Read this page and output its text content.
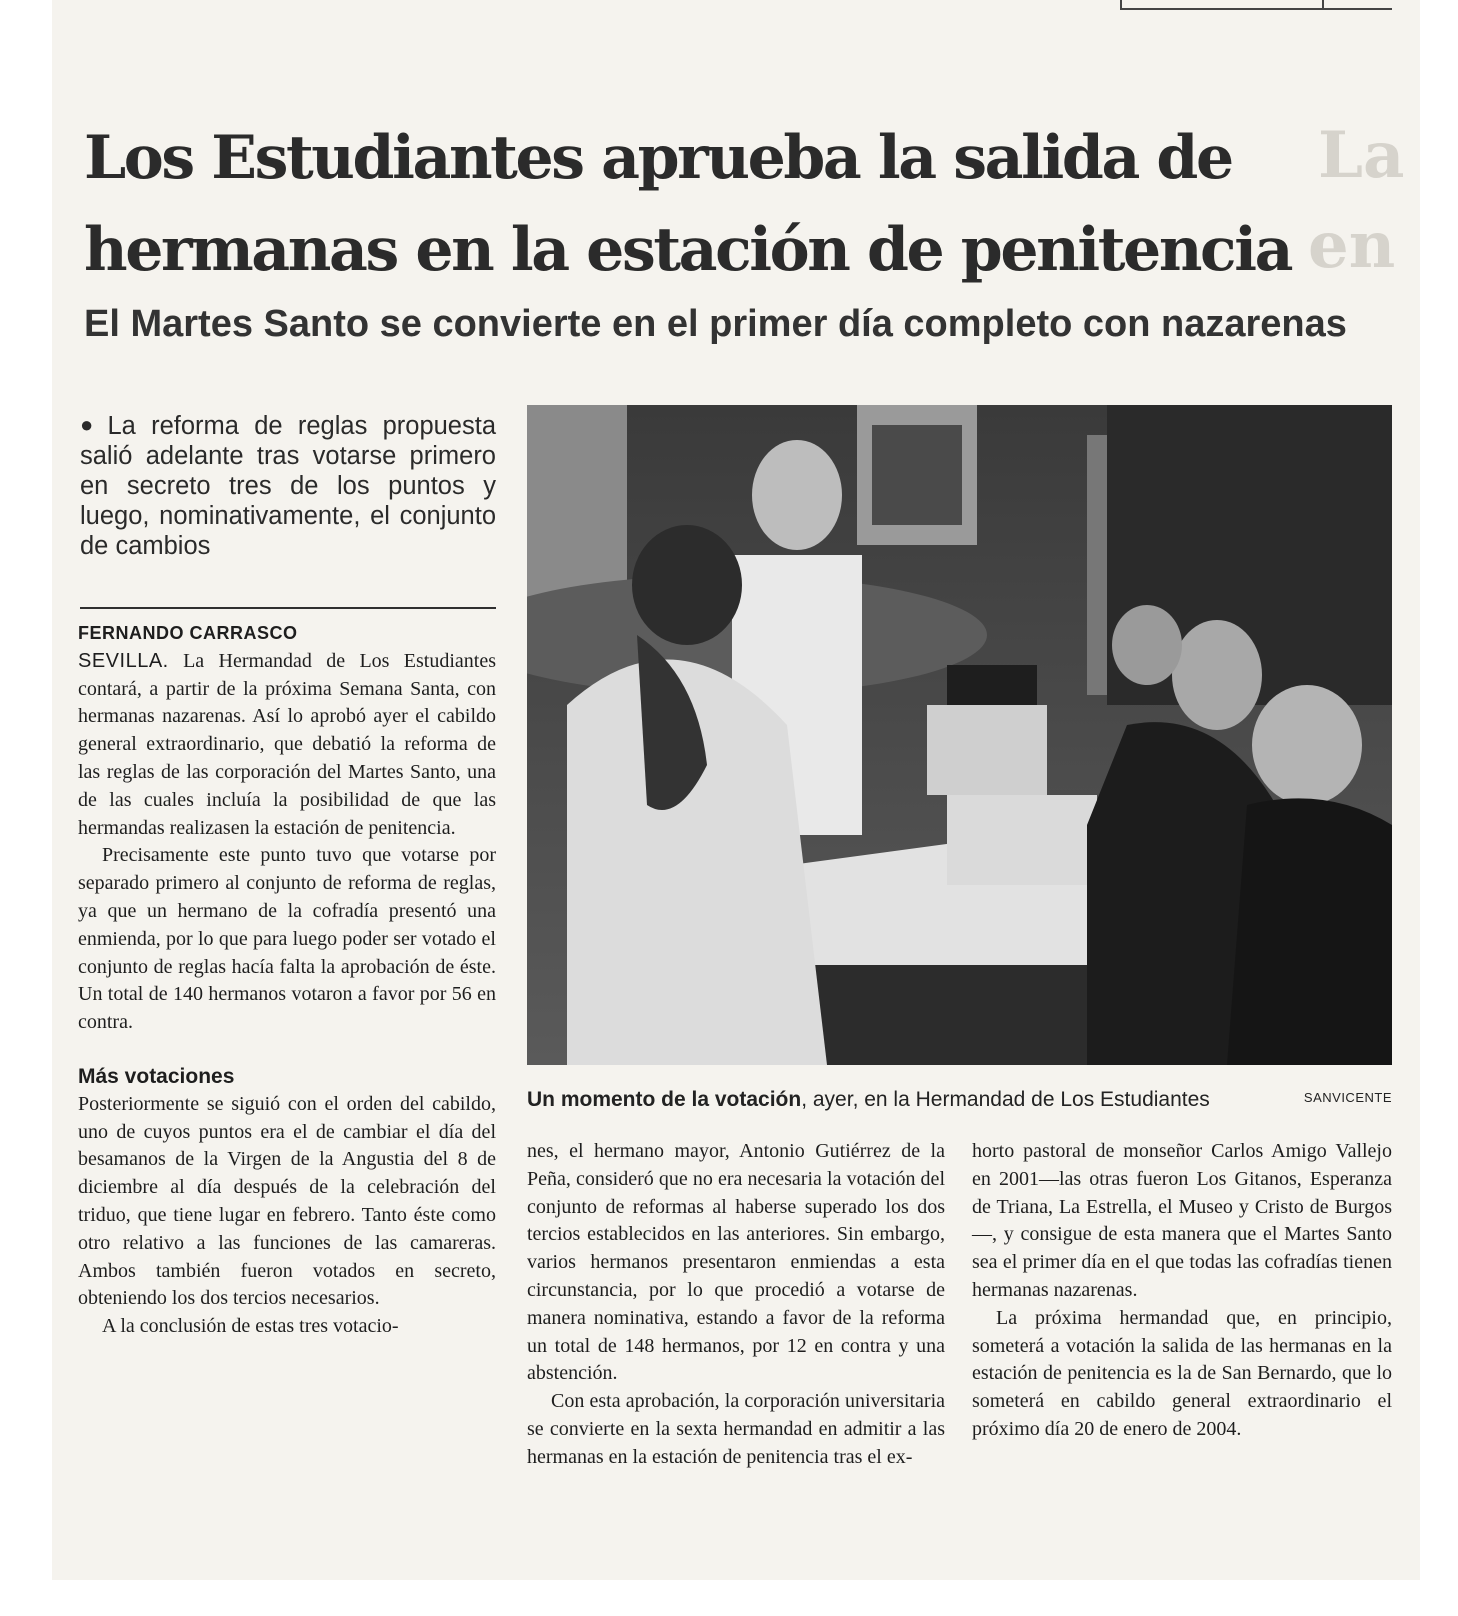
La
en
Los Estudiantes aprueba la salida de
hermanas en la estación de penitencia
El Martes Santo se convierte en el primer día completo con nazarenas
● La reforma de reglas propuesta salió adelante tras votarse primero en secreto tres de los puntos y luego, nominativamente, el conjunto de cambios

FERNANDO CARRASCO

SEVILLA. La Hermandad de Los Estudiantes contará, a partir de la próxima Semana Santa, con hermanas nazarenas. Así lo aprobó ayer el cabildo general extraordinario, que debatió la reforma de las reglas de las corporación del Martes Santo, una de las cuales incluía la posibilidad de que las hermandas realizasen la estación de penitencia.

Precisamente este punto tuvo que votarse por separado primero al conjunto de reforma de reglas, ya que un hermano de la cofradía presentó una enmienda, por lo que para luego poder ser votado el conjunto de reglas hacía falta la aprobación de éste. Un total de 140 hermanos votaron a favor por 56 en contra.

Más votaciones

Posteriormente se siguió con el orden del cabildo, uno de cuyos puntos era el de cambiar el día del besamanos de la Virgen de la Angustia del 8 de diciembre al día después de la celebración del triduo, que tiene lugar en febrero. Tanto éste como otro relativo a las funciones de las camareras. Ambos también fueron votados en secreto, obteniendo los dos tercios necesarios.

A la conclusión de estas tres votacio-

Un momento de la votación, ayer, en la Hermandad de Los Estudiantes	SANVICENTE

nes, el hermano mayor, Antonio Gutiérrez de la Peña, consideró que no era necesaria la votación del conjunto de reformas al haberse superado los dos tercios establecidos en las anteriores. Sin embargo, varios hermanos presentaron enmiendas a esta circunstancia, por lo que procedió a votarse de manera nominativa, estando a favor de la reforma un total de 148 hermanos, por 12 en contra y una abstención.

Con esta aprobación, la corporación universitaria se convierte en la sexta hermandad en admitir a las hermanas en la estación de penitencia tras el ex-

horto pastoral de monseñor Carlos Amigo Vallejo en 2001—las otras fueron Los Gitanos, Esperanza de Triana, La Estrella, el Museo y Cristo de Burgos—, y consigue de esta manera que el Martes Santo sea el primer día en el que todas las cofradías tienen hermanas nazarenas.

La próxima hermandad que, en principio, someterá a votación la salida de las hermanas en la estación de penitencia es la de San Bernardo, que lo someterá en cabildo general extraordinario el próximo día 20 de enero de 2004.
